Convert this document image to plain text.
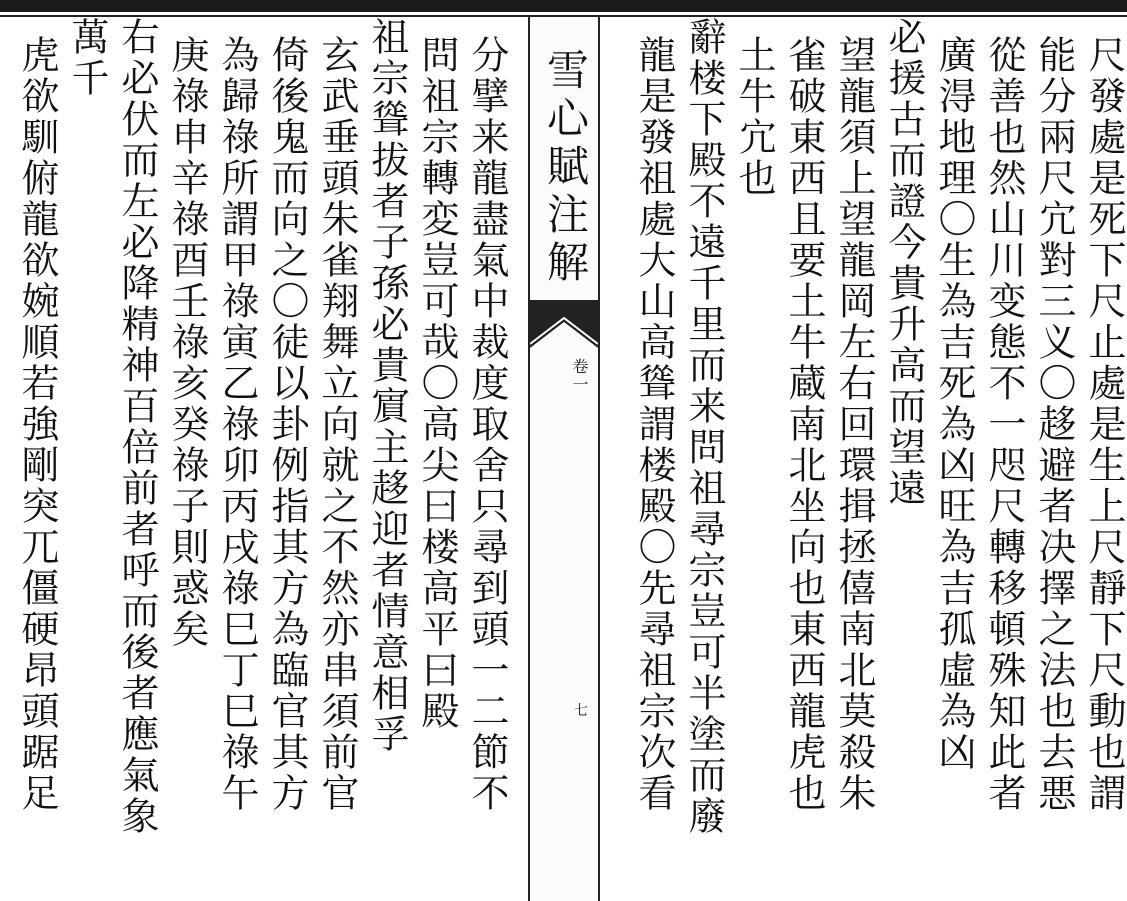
尺發處是死下尺止處是生上尺靜下尺動也謂
能分兩尺宂對三义〇趍避者决擇之法也去悪
從善也然山川变態不一咫尺轉移頓殊知此者
廣淂地理〇生為吉死為凶旺為吉孤虛為凶
必援古而證今貴升高而望遠
望龍須上望龍岡左右回環揖拯僖南北莫殺朱
雀破東西且要土牛蔵南北坐向也東西龍虎也
土牛宂也
辭楼下殿不遠千里而来問祖尋宗豈可半塗而廢
龍是發祖處大山高聳謂楼殿〇先尋祖宗次看
雪心賦注解
卷一
七
分擘来龍盡氣中裁度取舍只尋到頭一二節不
問祖宗轉変豈可哉〇高尖曰楼高平曰殿
祖宗聳拔者子孫必貴賔主趍迎者情意相孚
玄武垂頭朱雀翔舞立向就之不然亦串須前官
倚後鬼而向之〇徒以卦例指其方為臨官其方
為歸祿所謂甲祿寅乙祿卯丙戌祿巳丁巳祿午
庚祿申辛祿酉壬祿亥癸祿子則惑矣
右必伏而左必降精神百倍前者呼而後者應氣象
萬千
虎欲馴俯龍欲婉順若強剛突兀僵硬昂頭踞足
